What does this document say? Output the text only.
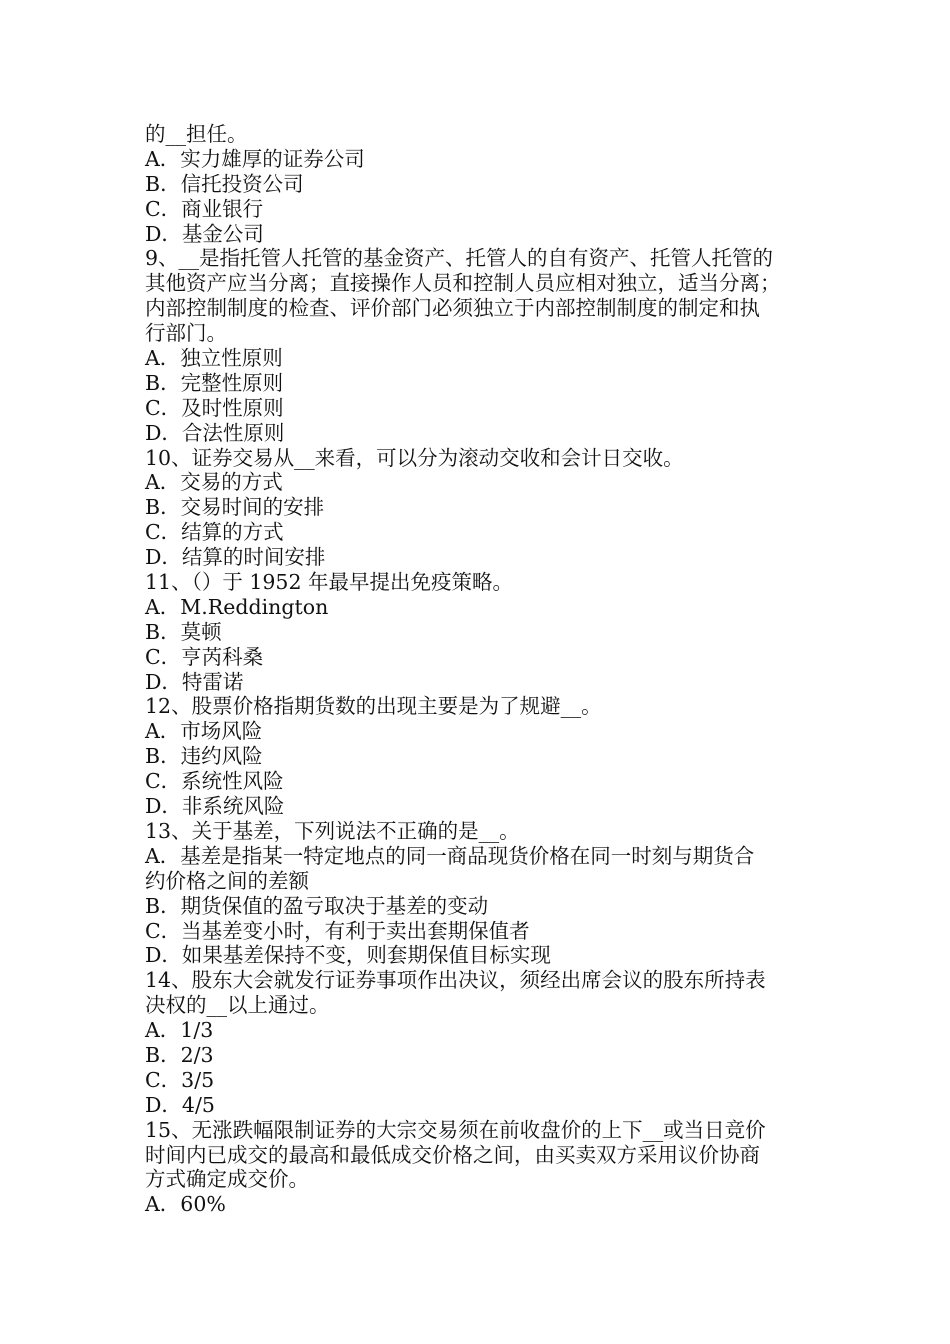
的__担任。
A．实力雄厚的证券公司
B．信托投资公司
C．商业银行
D．基金公司
9、__是指托管人托管的基金资产、托管人的自有资产、托管人托管的
其他资产应当分离；直接操作人员和控制人员应相对独立，适当分离；
内部控制制度的检查、评价部门必须独立于内部控制制度的制定和执
行部门。
A．独立性原则
B．完整性原则
C．及时性原则
D．合法性原则
10、证券交易从__来看，可以分为滚动交收和会计日交收。
A．交易的方式
B．交易时间的安排
C．结算的方式
D．结算的时间安排
11、（）于 1952 年最早提出免疫策略。
A．M.Reddington
B．莫顿
C．亨芮科桑
D．特雷诺
12、股票价格指期货数的出现主要是为了规避__。
A．市场风险
B．违约风险
C．系统性风险
D．非系统风险
13、关于基差，下列说法不正确的是__。
A．基差是指某一特定地点的同一商品现货价格在同一时刻与期货合
约价格之间的差额
B．期货保值的盈亏取决于基差的变动
C．当基差变小时，有利于卖出套期保值者
D．如果基差保持不变，则套期保值目标实现
14、股东大会就发行证券事项作出决议，须经出席会议的股东所持表
决权的__以上通过。
A．1/3
B．2/3
C．3/5
D．4/5
15、无涨跌幅限制证券的大宗交易须在前收盘价的上下__或当日竞价
时间内已成交的最高和最低成交价格之间，由买卖双方采用议价协商
方式确定成交价。
A．60%
